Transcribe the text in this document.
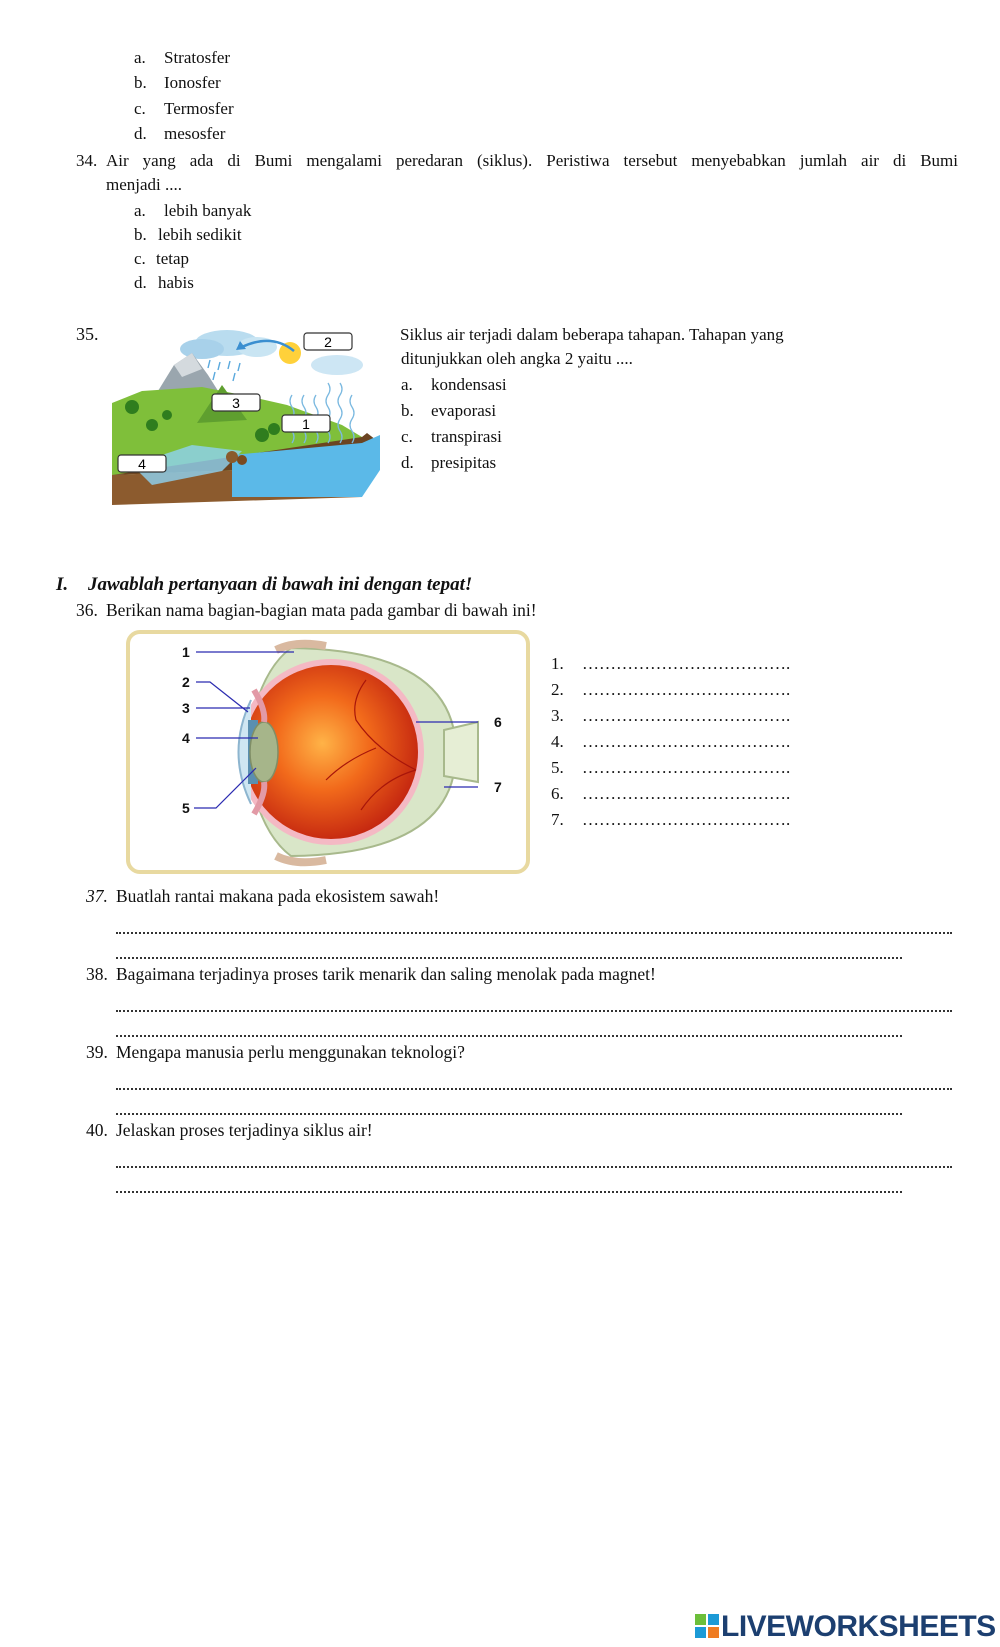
a. Stratosfer
b. Ionosfer
c. Termosfer
d. mesosfer
34. Air yang ada di Bumi mengalami peredaran (siklus). Peristiwa tersebut menyebabkan jumlah air di Bumi
menjadi ....
a. lebih banyak
b. lebih sedikit
c. tetap
d. habis
35.	2
3
1
4
Siklus air terjadi dalam beberapa tahapan. Tahapan yang
ditunjukkan oleh angka 2 yaitu ....
a. kondensasi
b. evaporasi
c. transpirasi
d. presipitas
I. Jawablah pertanyaan di bawah ini dengan tepat!
36. Berikan nama bagian-bagian mata pada gambar di bawah ini!
1
2
3
4
5
6
7
1. ……………………………….
2. ……………………………….
3. ……………………………….
4. ……………………………….
5. ……………………………….
6. ……………………………….
7. ……………………………….
37. Buatlah rantai makana pada ekosistem sawah!
38. Bagaimana terjadinya proses tarik menarik dan saling menolak pada magnet!
39. Mengapa manusia perlu menggunakan teknologi?
40. Jelaskan proses terjadinya siklus air!
LIVEWORKSHEETS
